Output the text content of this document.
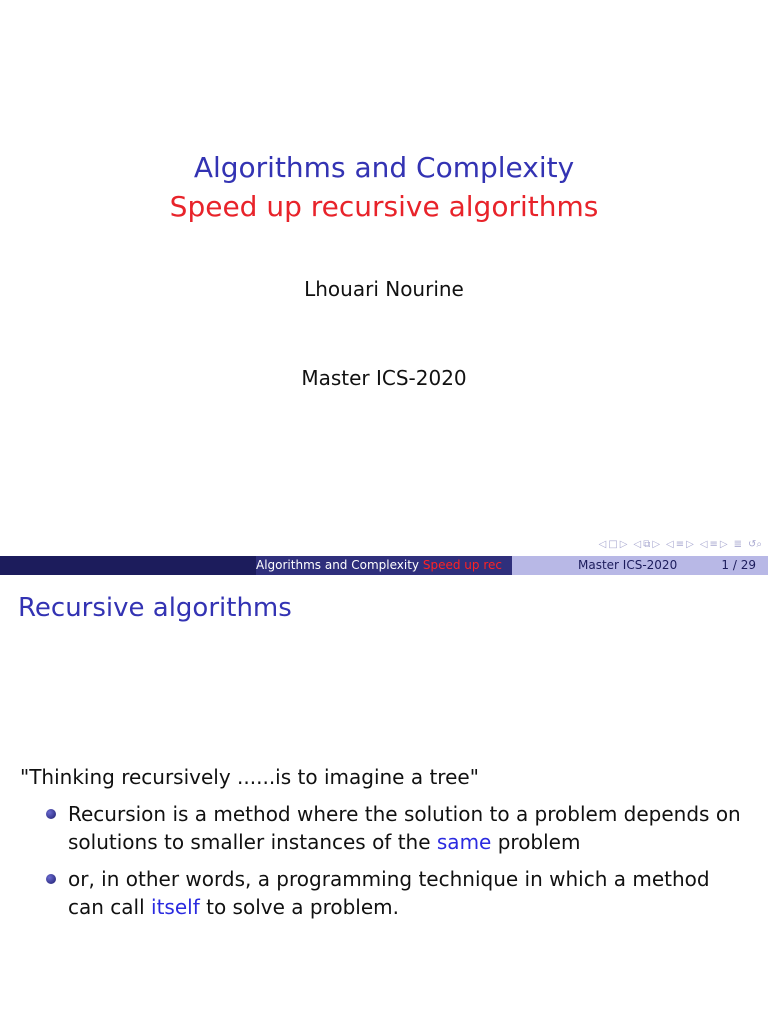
Algorithms and Complexity
Speed up recursive algorithms
Lhouari Nourine
Master ICS-2020
◁ □ ▷ ◁ ⧉ ▷ ◁ ≡ ▷ ◁ ≡ ▷ ≣ ↺⌕
Algorithms and Complexity Speed up rec	Master ICS-2020	1 / 29
Recursive algorithms
"Thinking recursively ......is to imagine a tree"
Recursion is a method where the solution to a problem depends on solutions to smaller instances of the same problem
or, in other words, a programming technique in which a method can call itself to solve a problem.
